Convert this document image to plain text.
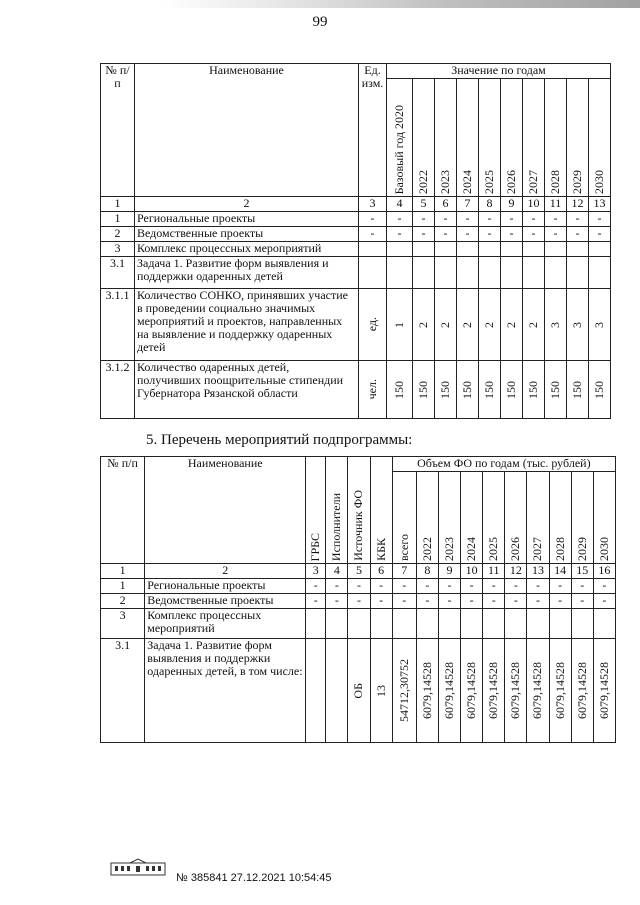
99
№ п/п	Наименование	Ед. изм.	Значение по годам									

			Базовый год 2020	2022	2023	2024	2025	2026	2027	2028	2029	2030

1	2	3	4	5	6	7	8	9	10	11	12	13
1	Региональные проекты	-	-	-	-	-	-	-	-	-	-	-
2	Ведомственные проекты	-	-	-	-	-	-	-	-	-	-	-
3	Комплекс процессных мероприятий											
3.1	Задача 1. Развитие форм выявления и поддержки одаренных детей											
3.1.1	Количество СОНКО, принявших участие в проведении социально значимых мероприятий и проектов, направленных на выявление и поддержку одаренных детей	ед.	1	2	2	2	2	2	2	3	3	3

3.1.2	Количество одаренных детей, получивших поощрительные стипендии Губернатора Рязанской области	чел.	150	150	150	150	150	150	150	150	150	150
5. Перечень мероприятий подпрограммы:
№ п/п	Наименование	ГРБС	Исполнители	Источник ФО	КБК	Объем ФО по годам (тыс. рублей)									

						всего	2022	2023	2024	2025	2026	2027	2028	2029	2030

1	2	3	4	5	6	7	8	9	10	11	12	13	14	15	16
1	Региональные проекты	-	-	-	-	-	-	-	-	-	-	-	-	-	-
2	Ведомственные проекты	-	-	-	-	-	-	-	-	-	-	-	-	-	-
3	Комплекс процессных мероприятий														
3.1	Задача 1. Развитие форм выявления и поддержки одаренных детей, в том числе:			ОБ	13	54712,30752	6079,14528	6079,14528	6079,14528	6079,14528	6079,14528	6079,14528	6079,14528	6079,14528	6079,14528
№ 385841 27.12.2021 10:54:45
